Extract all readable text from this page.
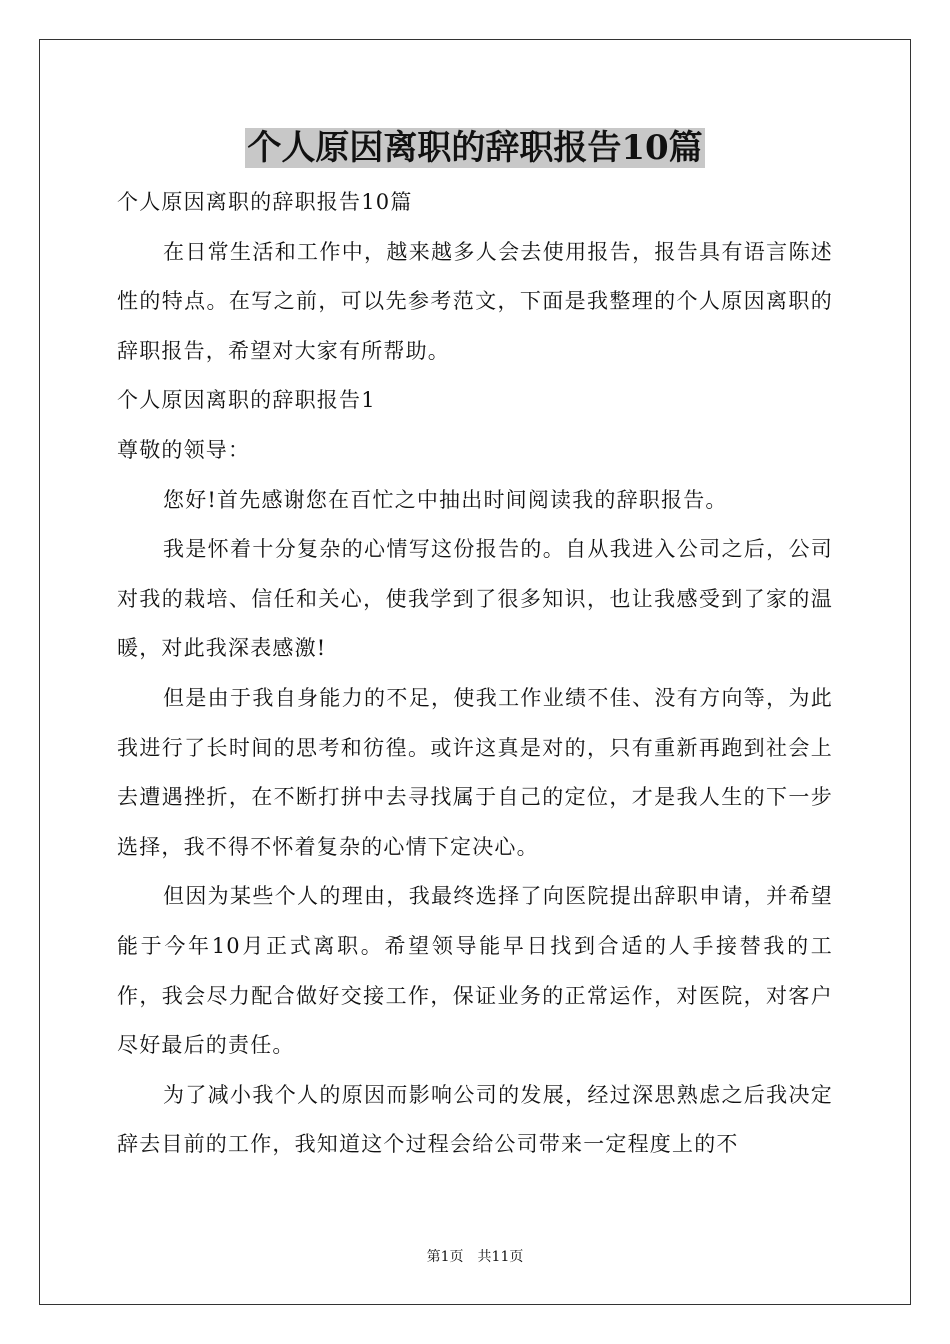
个人原因离职的辞职报告10篇

个人原因离职的辞职报告10篇

在日常生活和工作中，越来越多人会去使用报告，报告具有语言陈述性的特点。在写之前，可以先参考范文，下面是我整理的个人原因离职的辞职报告，希望对大家有所帮助。

个人原因离职的辞职报告1

尊敬的领导：

您好!首先感谢您在百忙之中抽出时间阅读我的辞职报告。

我是怀着十分复杂的心情写这份报告的。自从我进入公司之后，公司对我的栽培、信任和关心，使我学到了很多知识，也让我感受到了家的温暖，对此我深表感激!

但是由于我自身能力的不足，使我工作业绩不佳、没有方向等，为此我进行了长时间的思考和彷徨。或许这真是对的，只有重新再跑到社会上去遭遇挫折，在不断打拼中去寻找属于自己的定位，才是我人生的下一步选择，我不得不怀着复杂的心情下定决心。

但因为某些个人的理由，我最终选择了向医院提出辞职申请，并希望能于今年10月正式离职。希望领导能早日找到合适的人手接替我的工作，我会尽力配合做好交接工作，保证业务的正常运作，对医院，对客户尽好最后的责任。

为了减小我个人的原因而影响公司的发展，经过深思熟虑之后我决定辞去目前的工作，我知道这个过程会给公司带来一定程度上的不

第1页 共11页
